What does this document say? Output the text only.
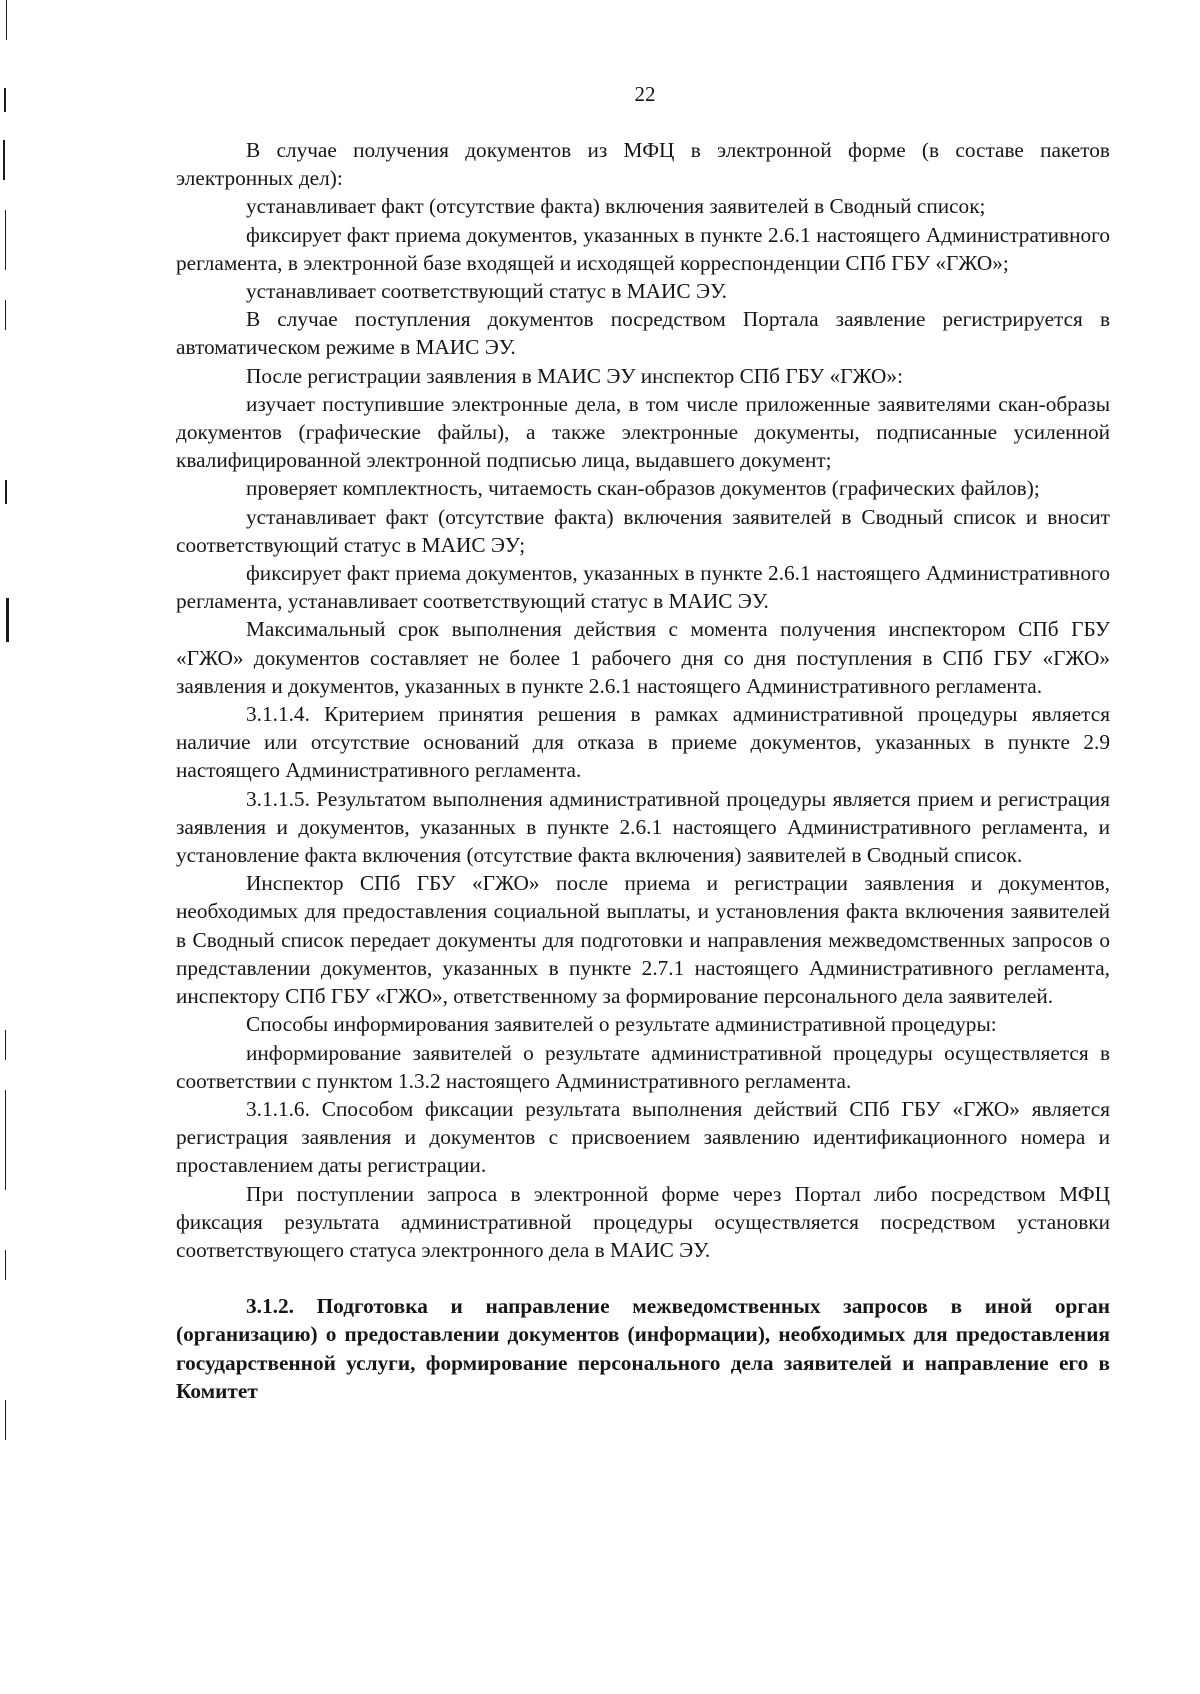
22

В случае получения документов из МФЦ в электронной форме (в составе пакетов электронных дел):

устанавливает факт (отсутствие факта) включения заявителей в Сводный список;

фиксирует факт приема документов, указанных в пункте 2.6.1 настоящего Административного регламента, в электронной базе входящей и исходящей корреспонденции СПб ГБУ «ГЖО»;

устанавливает соответствующий статус в МАИС ЭУ.

В случае поступления документов посредством Портала заявление регистрируется в автоматическом режиме в МАИС ЭУ.

После регистрации заявления в МАИС ЭУ инспектор СПб ГБУ «ГЖО»:

изучает поступившие электронные дела, в том числе приложенные заявителями скан-образы документов (графические файлы), а также электронные документы, подписанные усиленной квалифицированной электронной подписью лица, выдавшего документ;

проверяет комплектность, читаемость скан-образов документов (графических файлов);

устанавливает факт (отсутствие факта) включения заявителей в Сводный список и вносит соответствующий статус в МАИС ЭУ;

фиксирует факт приема документов, указанных в пункте 2.6.1 настоящего Административного регламента, устанавливает соответствующий статус в МАИС ЭУ.

Максимальный срок выполнения действия с момента получения инспектором СПб ГБУ «ГЖО» документов составляет не более 1 рабочего дня со дня поступления в СПб ГБУ «ГЖО» заявления и документов, указанных в пункте 2.6.1 настоящего Административного регламента.

3.1.1.4. Критерием принятия решения в рамках административной процедуры является наличие или отсутствие оснований для отказа в приеме документов, указанных в пункте 2.9 настоящего Административного регламента.

3.1.1.5. Результатом выполнения административной процедуры является прием и регистрация заявления и документов, указанных в пункте 2.6.1 настоящего Административного регламента, и установление факта включения (отсутствие факта включения) заявителей в Сводный список.

Инспектор СПб ГБУ «ГЖО» после приема и регистрации заявления и документов, необходимых для предоставления социальной выплаты, и установления факта включения заявителей в Сводный список передает документы для подготовки и направления межведомственных запросов о представлении документов, указанных в пункте 2.7.1 настоящего Административного регламента, инспектору СПб ГБУ «ГЖО», ответственному за формирование персонального дела заявителей.

Способы информирования заявителей о результате административной процедуры:

информирование заявителей о результате административной процедуры осуществляется в соответствии с пунктом 1.3.2 настоящего Административного регламента.

3.1.1.6. Способом фиксации результата выполнения действий СПб ГБУ «ГЖО» является регистрация заявления и документов с присвоением заявлению идентификационного номера и проставлением даты регистрации.

При поступлении запроса в электронной форме через Портал либо посредством МФЦ фиксация результата административной процедуры осуществляется посредством установки соответствующего статуса электронного дела в МАИС ЭУ.

3.1.2. Подготовка и направление межведомственных запросов в иной орган (организацию) о предоставлении документов (информации), необходимых для предоставления государственной услуги, формирование персонального дела заявителей и направление его в Комитет
